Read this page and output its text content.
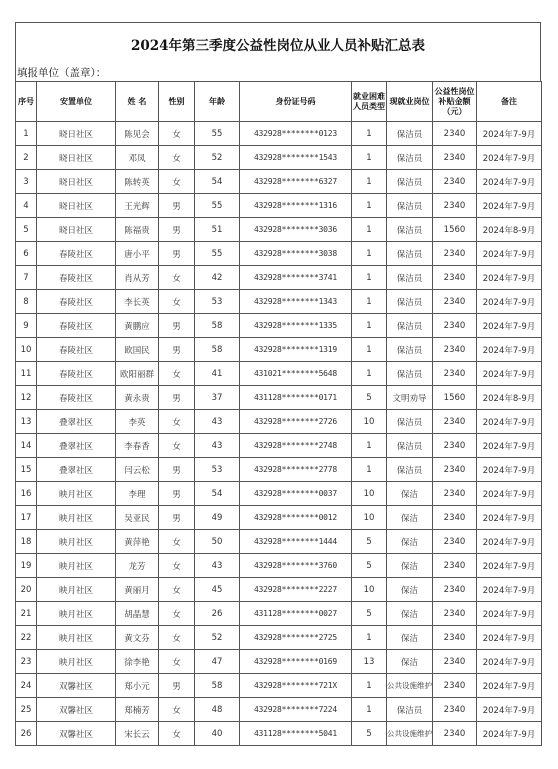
2024年第三季度公益性岗位从业人员补贴汇总表
填报单位（盖章）：
序号	安置单位	姓 名	性别	年龄	身份证号码	就业困难人员类型	现就业岗位	公益性岗位补贴金额（元）	备注
1	晓日社区	陈见会	女	55	432928********0123	1	保洁员	2340	2024年7-9月
2	晓日社区	邓凤	女	52	432928********1543	1	保洁员	2340	2024年7-9月
3	晓日社区	陈转英	女	54	432928********6327	1	保洁员	2340	2024年7-9月
4	晓日社区	王光辉	男	55	432928********1316	1	保洁员	2340	2024年7-9月
5	晓日社区	陈福贵	男	51	432928********3036	1	保洁员	1560	2024年8-9月
6	春陵社区	唐小平	男	55	432928********3038	1	保洁员	2340	2024年7-9月
7	春陵社区	肖从芳	女	42	432928********3741	1	保洁员	2340	2024年7-9月
8	春陵社区	李长英	女	53	432928********1343	1	保洁员	2340	2024年7-9月
9	春陵社区	黄鹏应	男	58	432928********1335	1	保洁员	2340	2024年7-9月
10	春陵社区	欧国民	男	58	432928********1319	1	保洁员	2340	2024年7-9月
11	春陵社区	欧阳丽群	女	41	431021********5648	1	保洁员	2340	2024年7-9月
12	春陵社区	黄永贵	男	37	431128********0171	5	文明劝导	1560	2024年8-9月
13	叠翠社区	李英	女	43	432928********2726	10	保洁员	2340	2024年7-9月
14	叠翠社区	李春香	女	43	432928********2748	1	保洁员	2340	2024年7-9月
15	叠翠社区	闫云松	男	53	432928********2778	1	保洁员	2340	2024年7-9月
16	映月社区	李理	男	54	432928********0037	10	保洁	2340	2024年7-9月
17	映月社区	吴亚民	男	49	432928********0012	10	保洁	2340	2024年7-9月
18	映月社区	黄萍艳	女	50	432928********1444	5	保洁	2340	2024年7-9月
19	映月社区	龙芳	女	43	432928********3760	5	保洁	2340	2024年7-9月
20	映月社区	黄丽月	女	45	432928********2227	10	保洁	2340	2024年7-9月
21	映月社区	胡晶慧	女	26	431128********0027	5	保洁	2340	2024年7-9月
22	映月社区	黄文芬	女	52	432928********2725	1	保洁	2340	2024年7-9月
23	映月社区	徐李艳	女	47	432928********0169	13	保洁	2340	2024年7-9月
24	双馨社区	郑小元	男	58	432928********721X	1	公共设施维护	2340	2024年7-9月
25	双馨社区	郑楠芳	女	48	432928********7224	1	保洁员	2340	2024年7-9月
26	双馨社区	宋长云	女	40	431128********5041	5	公共设施维护	2340	2024年7-9月
